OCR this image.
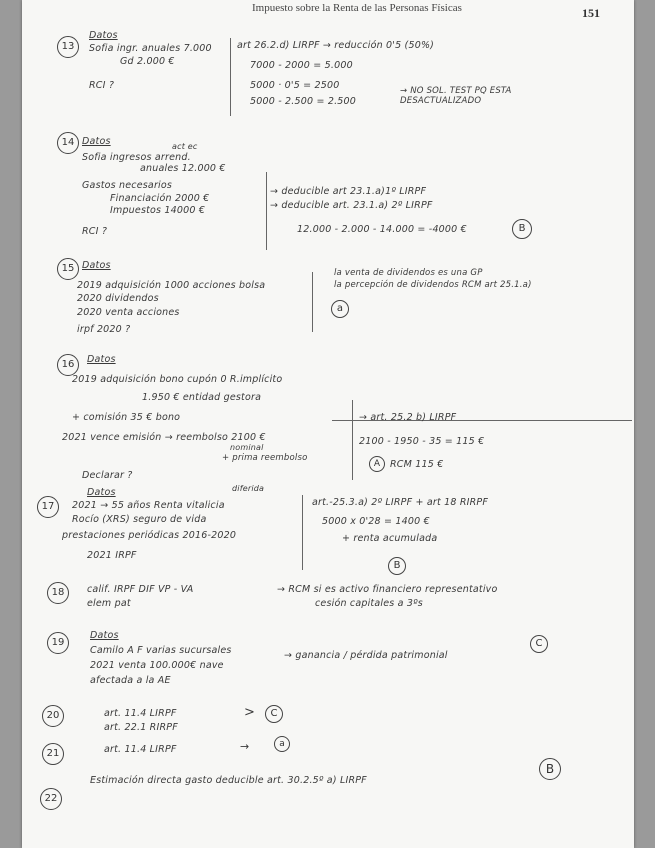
Impuesto sobre la Renta de las Personas Físicas	151
13
Datos
Sofia ingr. anuales 7.000
Gd 2.000 €
RCI ?
art 26.2.d) LIRPF → reducción 0'5 (50%)
7000 - 2000 = 5.000
5000 · 0'5 = 2500
5000 - 2.500 = 2.500
→ NO SOL. TEST PQ ESTA DESACTUALIZADO
14 Datos	act ec
Sofia ingresos arrend.
anuales 12.000 €
Gastos necesarios
Financiación 2000 €
Impuestos 14000 €
RCI ?
→ deducible art 23.1.a)1º LIRPF
→ deducible art. 23.1.a) 2º LIRPF
12.000 - 2.000 - 14.000 = -4000 €	B
15 Datos
2019 adquisición 1000 acciones bolsa
2020 dividendos
2020 venta acciones
irpf 2020 ?
la venta de dividendos es una GP
la percepción de dividendos RCM art 25.1.a)
a
16	Datos
2019 adquisición bono cupón 0 R.implícito
1.950 € entidad gestora
+ comisión 35 € bono
2021 vence emisión → reembolso 2100 €
nominal
+ prima reembolso
Declarar ?
→ art. 25.2 b) LIRPF
2100 - 1950 - 35 = 115 €
A	RCM 115 €
17
Datos	diferida
2021 → 55 años Renta vitalicia
Rocío (XRS) seguro de vida
prestaciones periódicas 2016-2020
2021 IRPF
art.-25.3.a) 2º LIRPF + art 18 RIRPF
5000 x 0'28 = 1400 €
+ renta acumulada
B
18	calif. IRPF DIF VP - VA
elem pat
→ RCM si es activo financiero representativo
cesión capitales a 3ºs
19
Datos
Camilo A F varias sucursales
2021 venta 100.000€ nave
afectada a la AE
→ ganancia / pérdida patrimonial
C
20	art. 11.4 LIRPF
art. 22.1 RIRPF
>	C
21	art. 11.4 LIRPF	→	a
22
Estimación directa gasto deducible art. 30.2.5º a) LIRPF
B
